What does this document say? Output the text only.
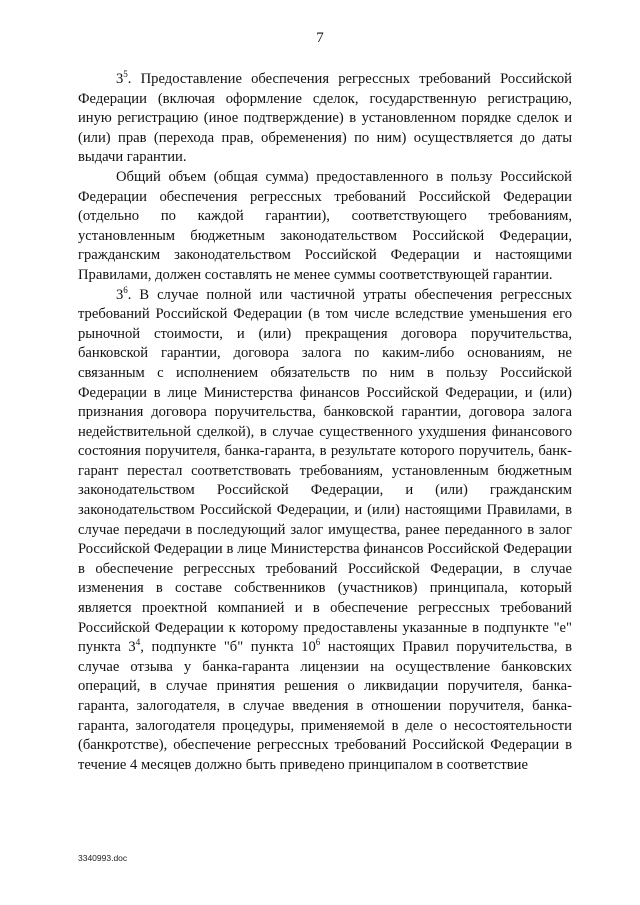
7

$3^5$. Предоставление обеспечения регрессных требований Российской Федерации (включая оформление сделок, государственную регистрацию, иную регистрацию (иное подтверждение) в установленном порядке сделок и (или) прав (перехода прав, обременения) по ним) осуществляется до даты выдачи гарантии.

Общий объем (общая сумма) предоставленного в пользу Российской Федерации обеспечения регрессных требований Российской Федерации (отдельно по каждой гарантии), соответствующего требованиям, установленным бюджетным законодательством Российской Федерации, гражданским законодательством Российской Федерации и настоящими Правилами, должен составлять не менее суммы соответствующей гарантии.

$3^6$. В случае полной или частичной утраты обеспечения регрессных требований Российской Федерации (в том числе вследствие уменьшения его рыночной стоимости, и (или) прекращения договора поручительства, банковской гарантии, договора залога по каким-либо основаниям, не связанным с исполнением обязательств по ним в пользу Российской Федерации в лице Министерства финансов Российской Федерации, и (или) признания договора поручительства, банковской гарантии, договора залога недействительной сделкой), в случае существенного ухудшения финансового состояния поручителя, банка-гаранта, в результате которого поручитель, банк-гарант перестал соответствовать требованиям, установленным бюджетным законодательством Российской Федерации, и (или) гражданским законодательством Российской Федерации, и (или) настоящими Правилами, в случае передачи в последующий залог имущества, ранее переданного в залог Российской Федерации в лице Министерства финансов Российской Федерации в обеспечение регрессных требований Российской Федерации, в случае изменения в составе собственников (участников) принципала, который является проектной компанией и в обеспечение регрессных требований Российской Федерации к которому предоставлены указанные в подпункте "е" пункта $3^4$, подпункте "б" пункта $10^6$ настоящих Правил поручительства, в случае отзыва у банка-гаранта лицензии на осуществление банковских операций, в случае принятия решения о ликвидации поручителя, банка-гаранта, залогодателя, в случае введения в отношении поручителя, банка-гаранта, залогодателя процедуры, применяемой в деле о несостоятельности (банкротстве), обеспечение регрессных требований Российской Федерации в течение 4 месяцев должно быть приведено принципалом в соответствие

3340993.doc
